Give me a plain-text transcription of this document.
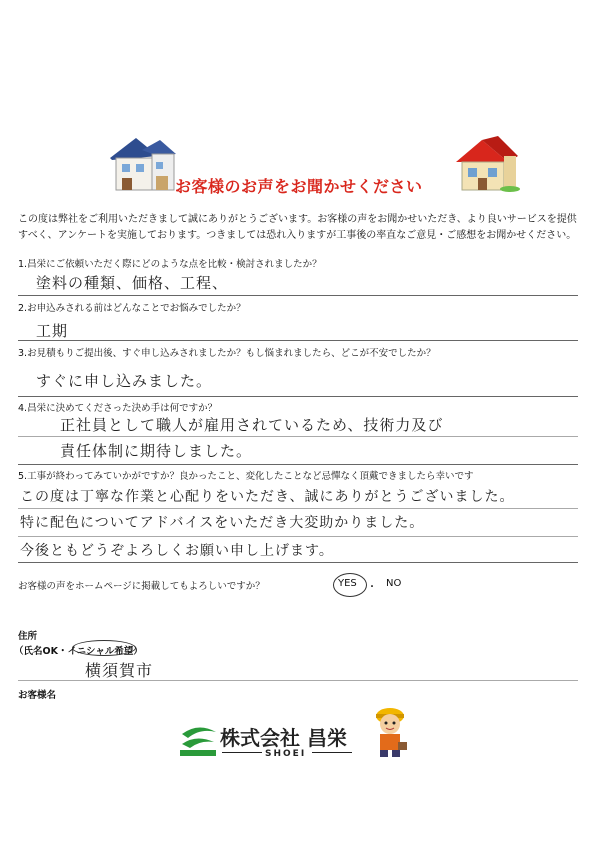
お客様のお声をお聞かせください
この度は弊社をご利用いただきまして誠にありがとうございます。お客様の声をお聞かせいただき、より良いサービスを提供すべく、アンケートを実施しております。つきましては恐れ入りますが工事後の率直なご意見・ご感想をお聞かせください。
1.昌栄にご依頼いただく際にどのような点を比較・検討されましたか？
塗料の種類、価格、工程、
2.お申込みされる前はどんなことでお悩みでしたか？
工期
3.お見積もりご提出後、すぐ申し込みされましたか？もし悩まれましたら、どこが不安でしたか？
すぐに申し込みました。
4.昌栄に決めてくださった決め手は何ですか？
正社員として職人が雇用されているため、技術力及び
責任体制に期待しました。
5.工事が終わってみていかがですか？良かったこと、変化したことなど忌憚なく頂戴できましたら幸いです
この度は丁寧な作業と心配りをいただき、誠にありがとうございました。
特に配色についてアドバイスをいただき大変助かりました。
今後ともどうぞよろしくお願い申し上げます。
お客様の声をホームページに掲載してもよろしいですか？	YES ・ NO
住所
（氏名OK・イニシャル希望）
横須賀市
お客様名
株式会社 昌栄
SHOEI
